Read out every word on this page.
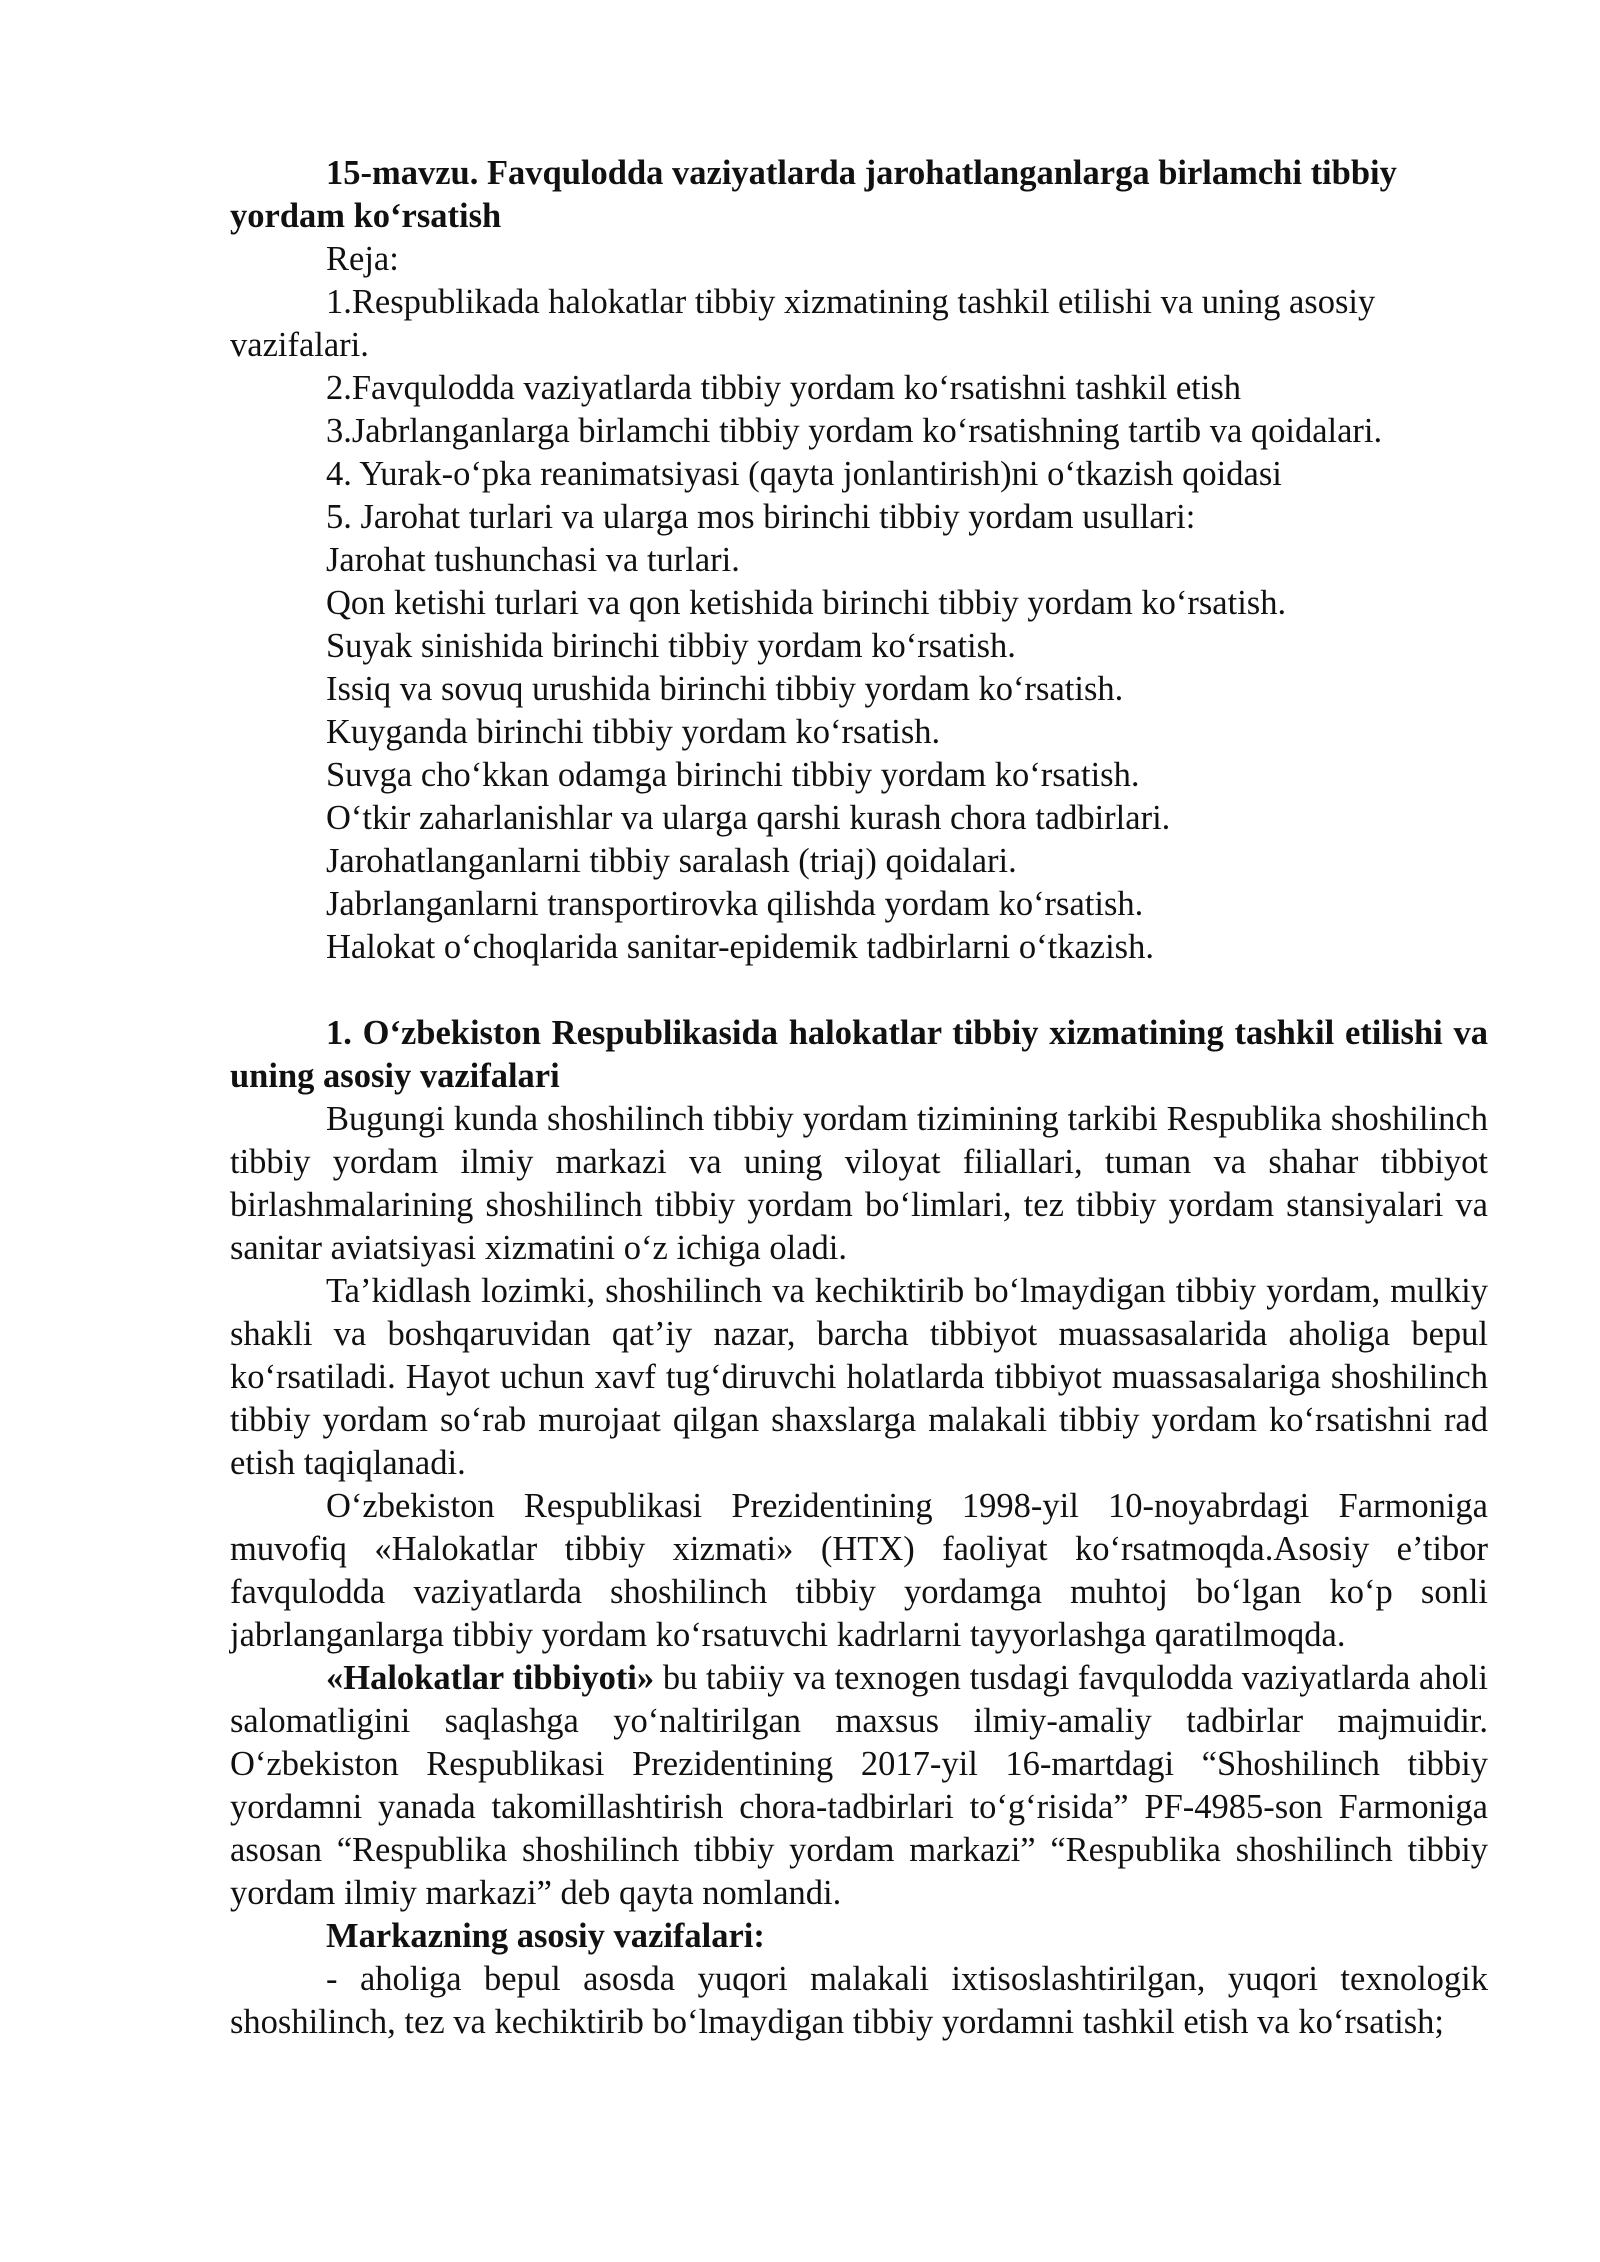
15-mavzu. Favqulodda vaziyatlarda jarohatlanganlarga birlamchi tibbiy yordam koʻrsatish

Reja:

1.Respublikada halokatlar tibbiy xizmatining tashkil etilishi va uning asosiy vazifalari.

2.Favqulodda vaziyatlarda tibbiy yordam koʻrsatishni tashkil etish

3.Jabrlanganlarga birlamchi tibbiy yordam koʻrsatishning tartib va qoidalari.

4. Yurak-oʻpka reanimatsiyasi (qayta jonlantirish)ni oʻtkazish qoidasi

5. Jarohat turlari va ularga mos birinchi tibbiy yordam usullari:

Jarohat tushunchasi va turlari.

Qon ketishi turlari va qon ketishida birinchi tibbiy yordam koʻrsatish.

Suyak sinishida birinchi tibbiy yordam koʻrsatish.

Issiq va sovuq urushida birinchi tibbiy yordam koʻrsatish.

Kuyganda birinchi tibbiy yordam koʻrsatish.

Suvga choʻkkan odamga birinchi tibbiy yordam koʻrsatish.

Oʻtkir zaharlanishlar va ularga qarshi kurash chora tadbirlari.

Jarohatlanganlarni tibbiy saralash (triaj) qoidalari.

Jabrlanganlarni transportirovka qilishda yordam koʻrsatish.

Halokat oʻchoqlarida sanitar-epidemik tadbirlarni oʻtkazish.

1. Oʻzbekiston Respublikasida halokatlar tibbiy xizmatining tashkil etilishi va uning asosiy vazifalari

Bugungi kunda shoshilinch tibbiy yordam tizimining tarkibi Respublika shoshilinch tibbiy yordam ilmiy markazi va uning viloyat filiallari, tuman va shahar tibbiyot birlashmalarining shoshilinch tibbiy yordam boʻlimlari, tez tibbiy yordam stansiyalari va sanitar aviatsiyasi xizmatini oʻz ichiga oladi.

Ta’kidlash lozimki, shoshilinch va kechiktirib boʻlmaydigan tibbiy yordam, mulkiy shakli va boshqaruvidan qat’iy nazar, barcha tibbiyot muassasalarida aholiga bepul koʻrsatiladi. Hayot uchun xavf tugʻdiruvchi holatlarda tibbiyot muassasalariga shoshilinch tibbiy yordam soʻrab murojaat qilgan shaxslarga malakali tibbiy yordam koʻrsatishni rad etish taqiqlanadi.

Oʻzbekiston Respublikasi Prezidentining 1998-yil 10-noyabrdagi Farmoniga muvofiq «Halokatlar tibbiy xizmati» (HTX) faoliyat koʻrsatmoqda.Asosiy e’tibor favqulodda vaziyatlarda shoshilinch tibbiy yordamga muhtoj boʻlgan koʻp sonli jabrlanganlarga tibbiy yordam koʻrsatuvchi kadrlarni tayyorlashga qaratilmoqda.

«Halokatlar tibbiyoti» bu tabiiy va texnogen tusdagi favqulodda vaziyatlarda aholi salomatligini saqlashga yoʻnaltirilgan maxsus ilmiy-amaliy tadbirlar majmuidir. Oʻzbekiston Respublikasi Prezidentining 2017-yil 16-martdagi “Shoshilinch tibbiy yordamni yanada takomillashtirish chora-tadbirlari toʻgʻrisida” PF-4985-son Farmoniga asosan “Respublika shoshilinch tibbiy yordam markazi” “Respublika shoshilinch tibbiy yordam ilmiy markazi” deb qayta nomlandi.

Markazning asosiy vazifalari:

- aholiga bepul asosda yuqori malakali ixtisoslashtirilgan, yuqori texnologik shoshilinch, tez va kechiktirib boʻlmaydigan tibbiy yordamni tashkil etish va koʻrsatish;
